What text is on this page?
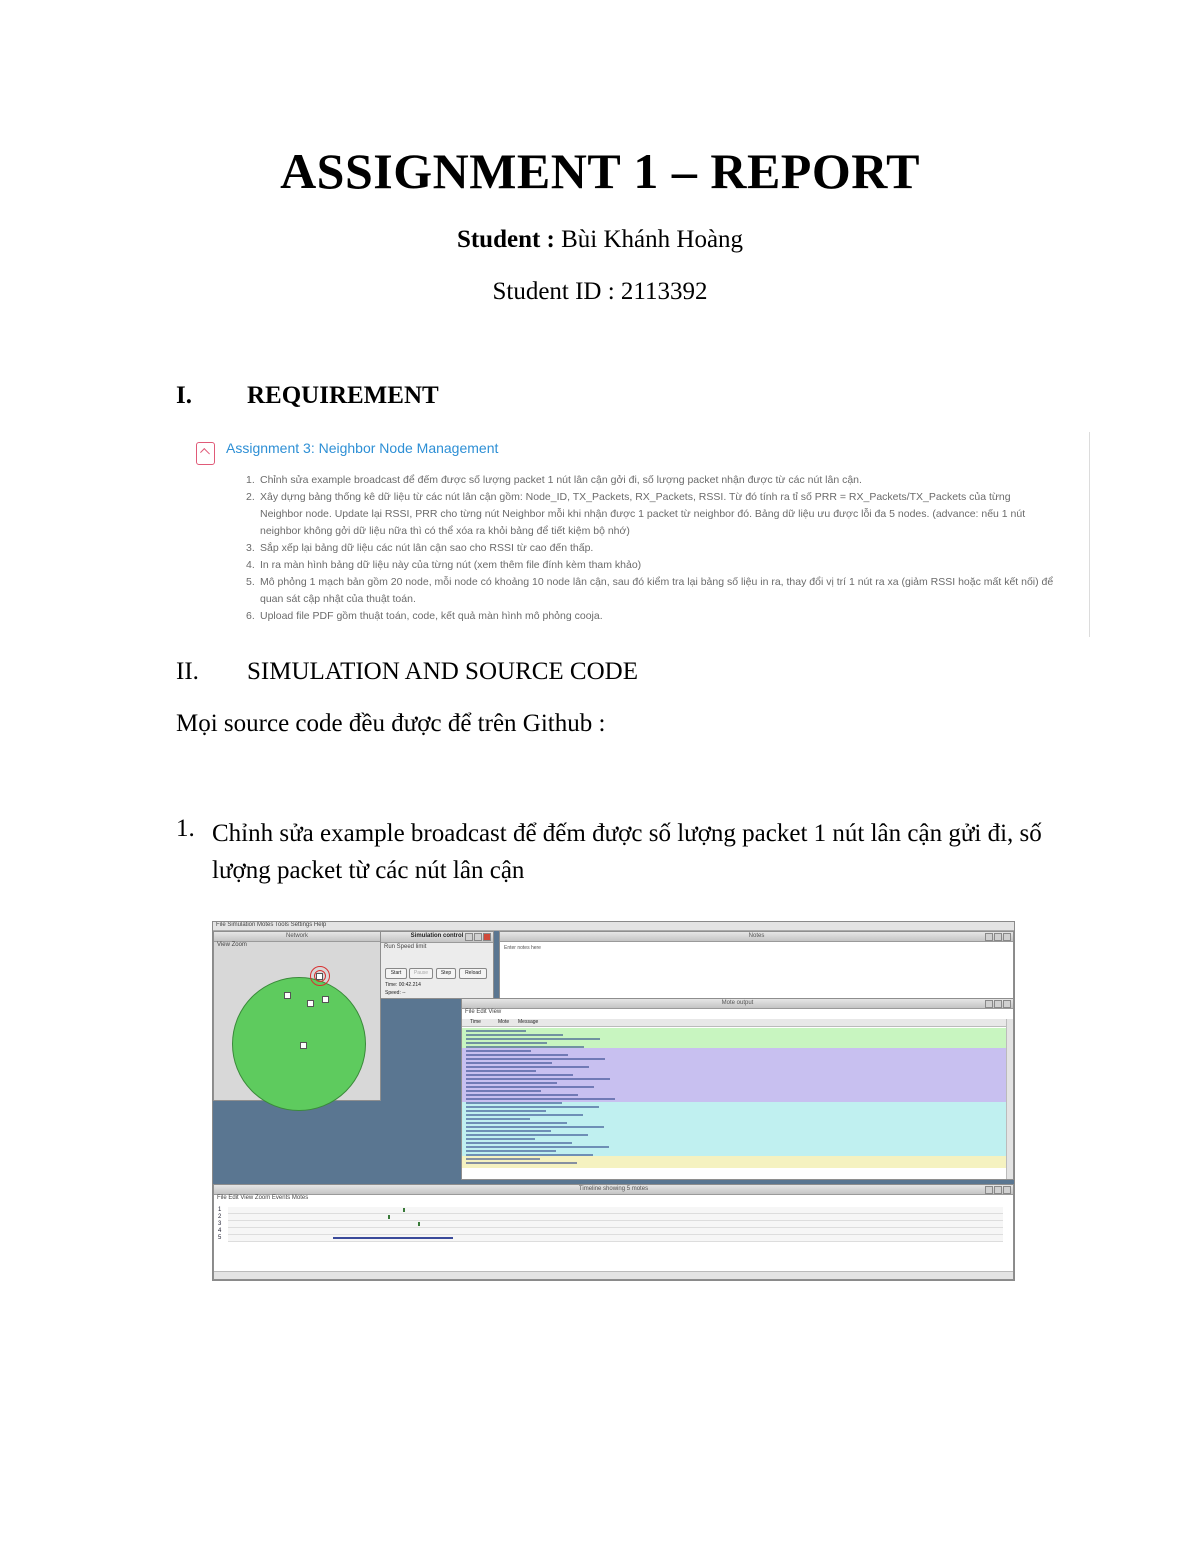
ASSIGNMENT 1 – REPORT
Student : Bùi Khánh Hoàng
Student ID : 2113392
I. REQUIREMENT
Assignment 3: Neighbor Node Management
1. Chỉnh sửa example broadcast để đếm được số lượng packet 1 nút lân cận gởi đi, số lượng packet nhận được từ các nút lân cận.
2. Xây dựng bảng thống kê dữ liệu từ các nút lân cận gồm: Node_ID, TX_Packets, RX_Packets, RSSI. Từ đó tính ra tỉ số PRR = RX_Packets/TX_Packets của từng Neighbor node. Update lại RSSI, PRR cho từng nút Neighbor mỗi khi nhận được 1 packet từ neighbor đó. Bảng dữ liệu ưu được lỗi đa 5 nodes. (advance: nếu 1 nút neighbor không gởi dữ liệu nữa thì có thể xóa ra khỏi bảng để tiết kiệm bộ nhớ)
3. Sắp xếp lại bảng dữ liệu các nút lân cận sao cho RSSI từ cao đến thấp.
4. In ra màn hình bảng dữ liệu này của từng nút (xem thêm file đính kèm tham khảo)
5. Mô phỏng 1 mạch bản gồm 20 node, mỗi node có khoảng 10 node lân cận, sau đó kiểm tra lại bảng số liệu in ra, thay đổi vị trí 1 nút ra xa (giảm RSSI hoặc mất kết nối) để quan sát cập nhật của thuật toán.
6. Upload file PDF gồm thuật toán, code, kết quả màn hình mô phỏng cooja.
II. SIMULATION AND SOURCE CODE
Mọi source code đều được để trên Github :
1. Chỉnh sửa example broadcast để đếm được số lượng packet 1 nút lân cận gửi đi, số lượng packet từ các nút lân cận
File Simulation Motes Tools Settings Help
Network
View Zoom
Simulation control
Run Speed limit
Start	Pause	Step	Reload
Time: 00:42.214
Speed: --
Notes
Enter notes here
Mote output
File Edit View
Time	Mote Message
Timeline showing 5 motes
File Edit View Zoom Events Motes
1
2
3
4
5
